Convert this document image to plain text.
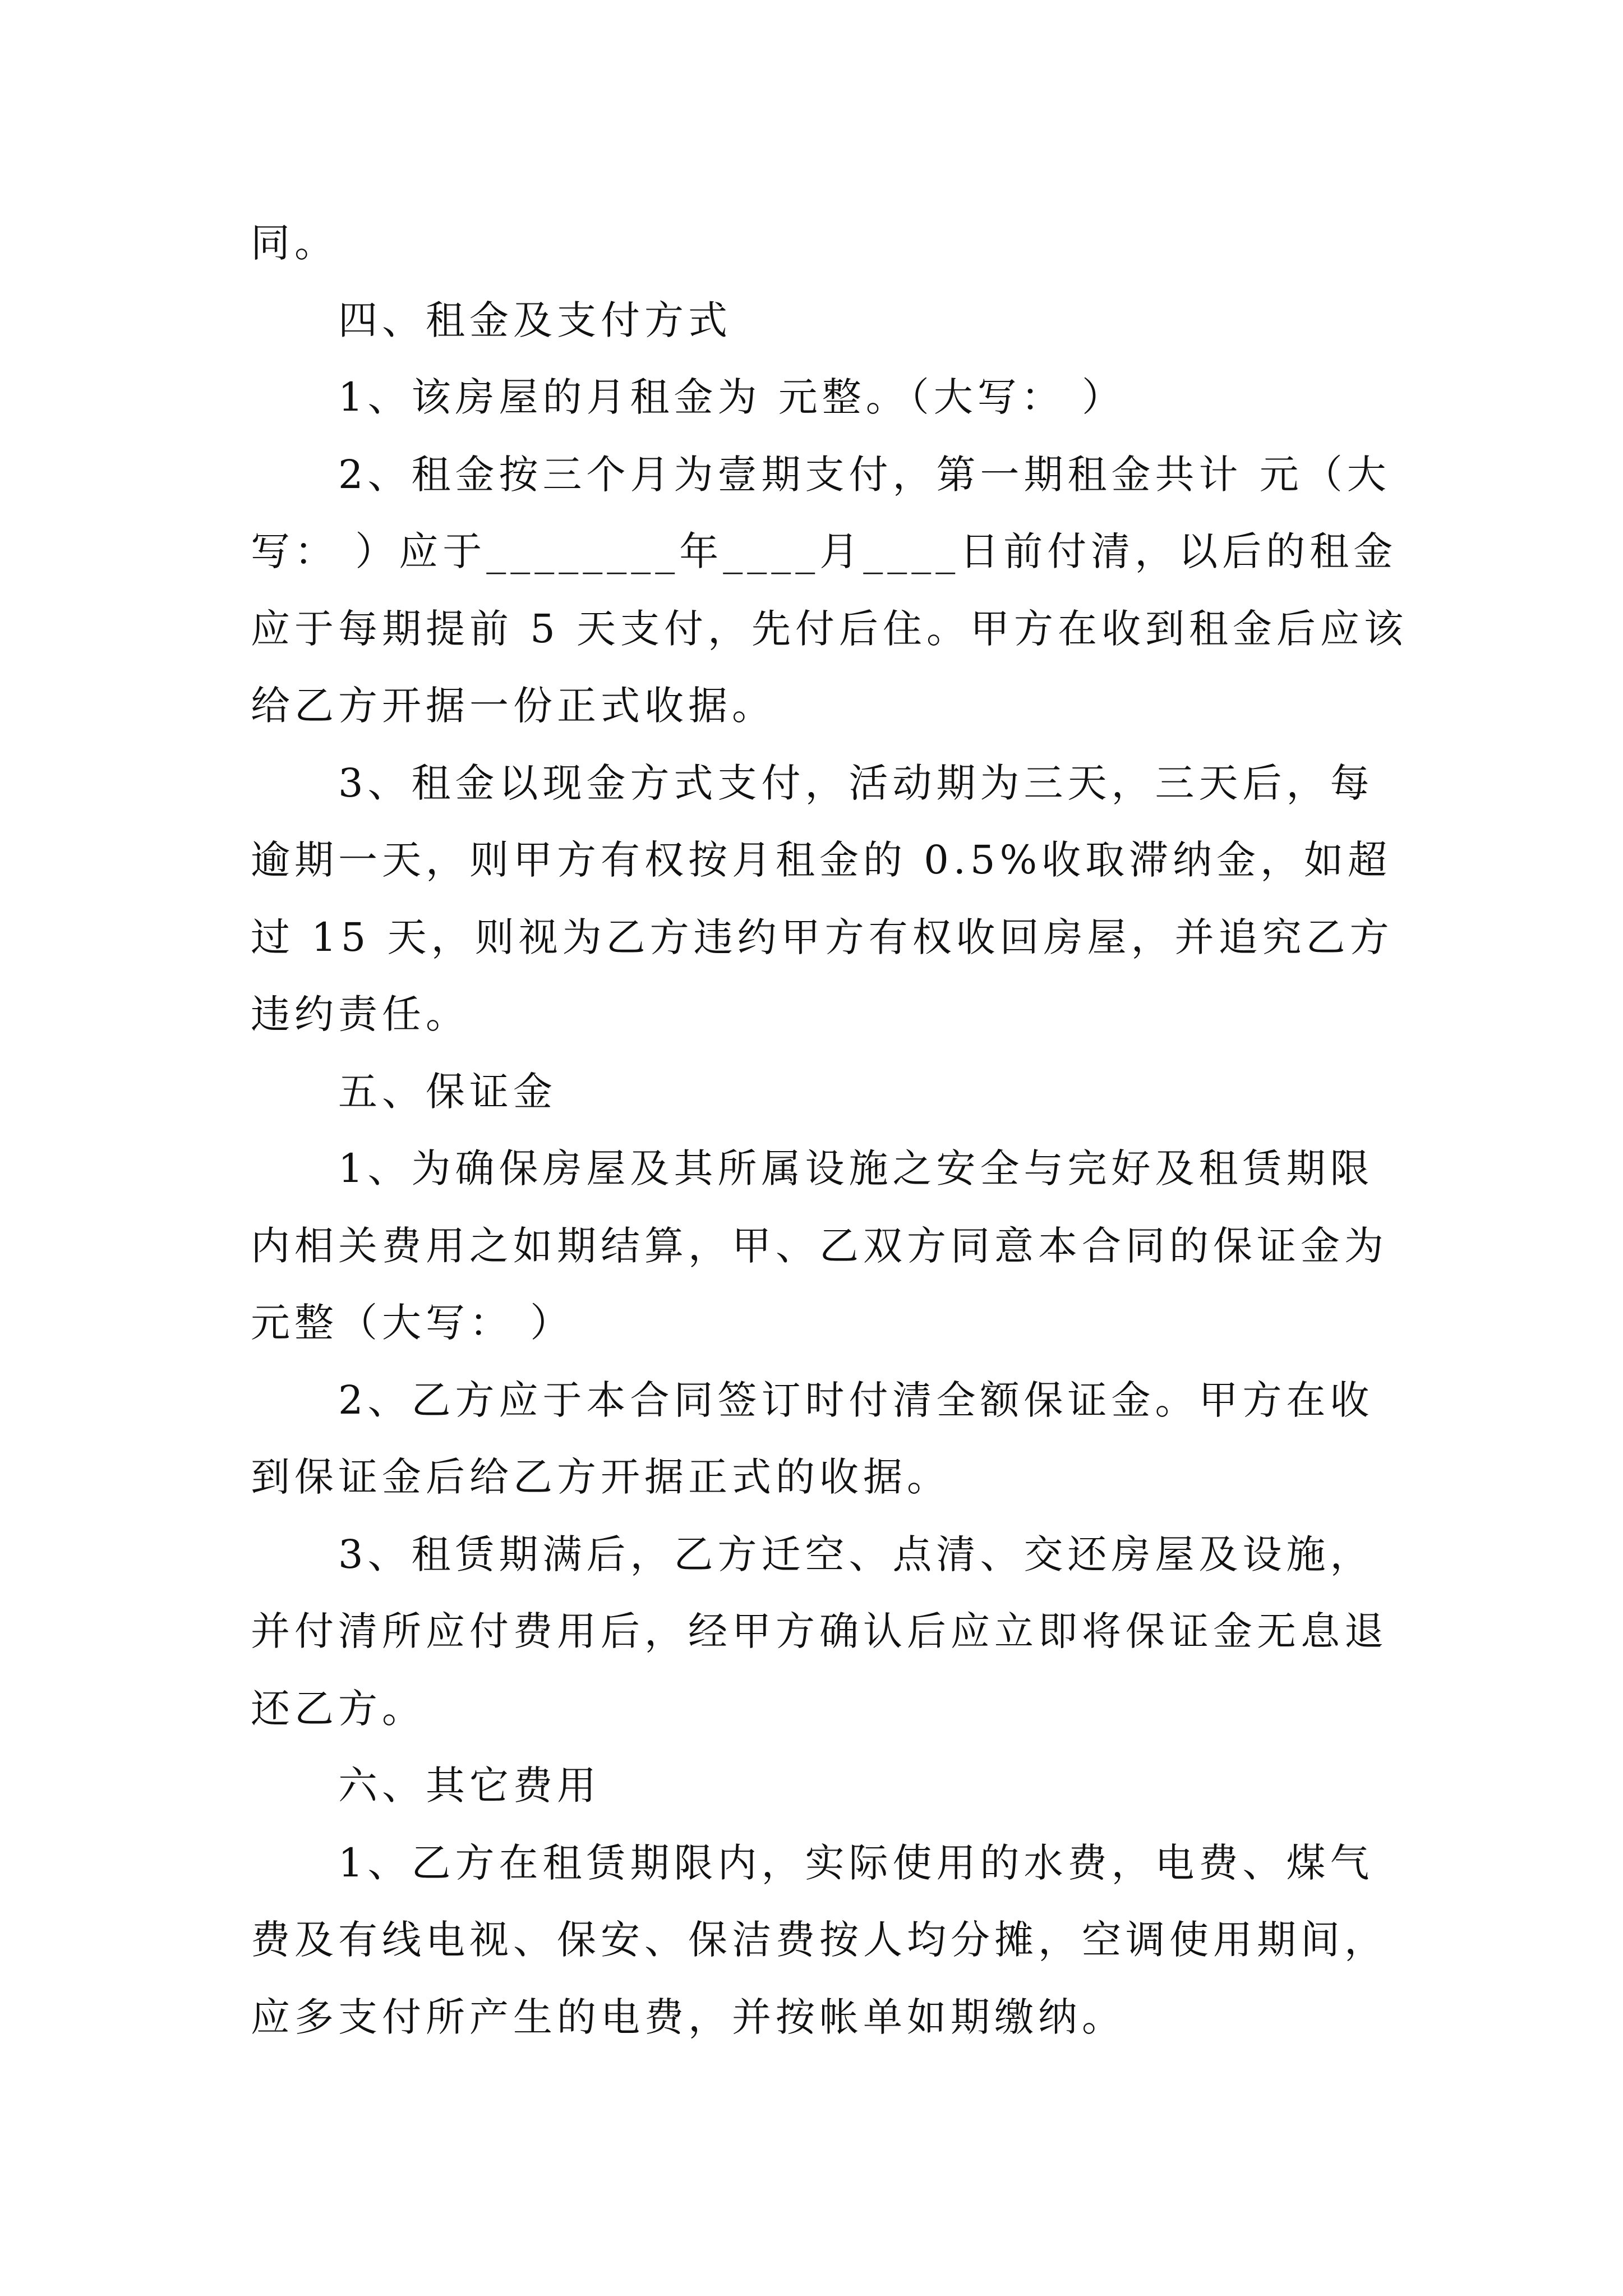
同。
四、租金及支付方式
1、该房屋的月租金为 元整。（大写： ）
2、租金按三个月为壹期支付，第一期租金共计 元（大
写： ）应于________年____月____日前付清，以后的租金
应于每期提前 5 天支付，先付后住。甲方在收到租金后应该
给乙方开据一份正式收据。
3、租金以现金方式支付，活动期为三天，三天后，每
逾期一天，则甲方有权按月租金的 0.5%收取滞纳金，如超
过 15 天，则视为乙方违约甲方有权收回房屋，并追究乙方
违约责任。
五、保证金
1、为确保房屋及其所属设施之安全与完好及租赁期限
内相关费用之如期结算，甲、乙双方同意本合同的保证金为
元整（大写： ）
2、乙方应于本合同签订时付清全额保证金。甲方在收
到保证金后给乙方开据正式的收据。
3、租赁期满后，乙方迁空、点清、交还房屋及设施，
并付清所应付费用后，经甲方确认后应立即将保证金无息退
还乙方。
六、其它费用
1、乙方在租赁期限内，实际使用的水费，电费、煤气
费及有线电视、保安、保洁费按人均分摊，空调使用期间，
应多支付所产生的电费，并按帐单如期缴纳。
